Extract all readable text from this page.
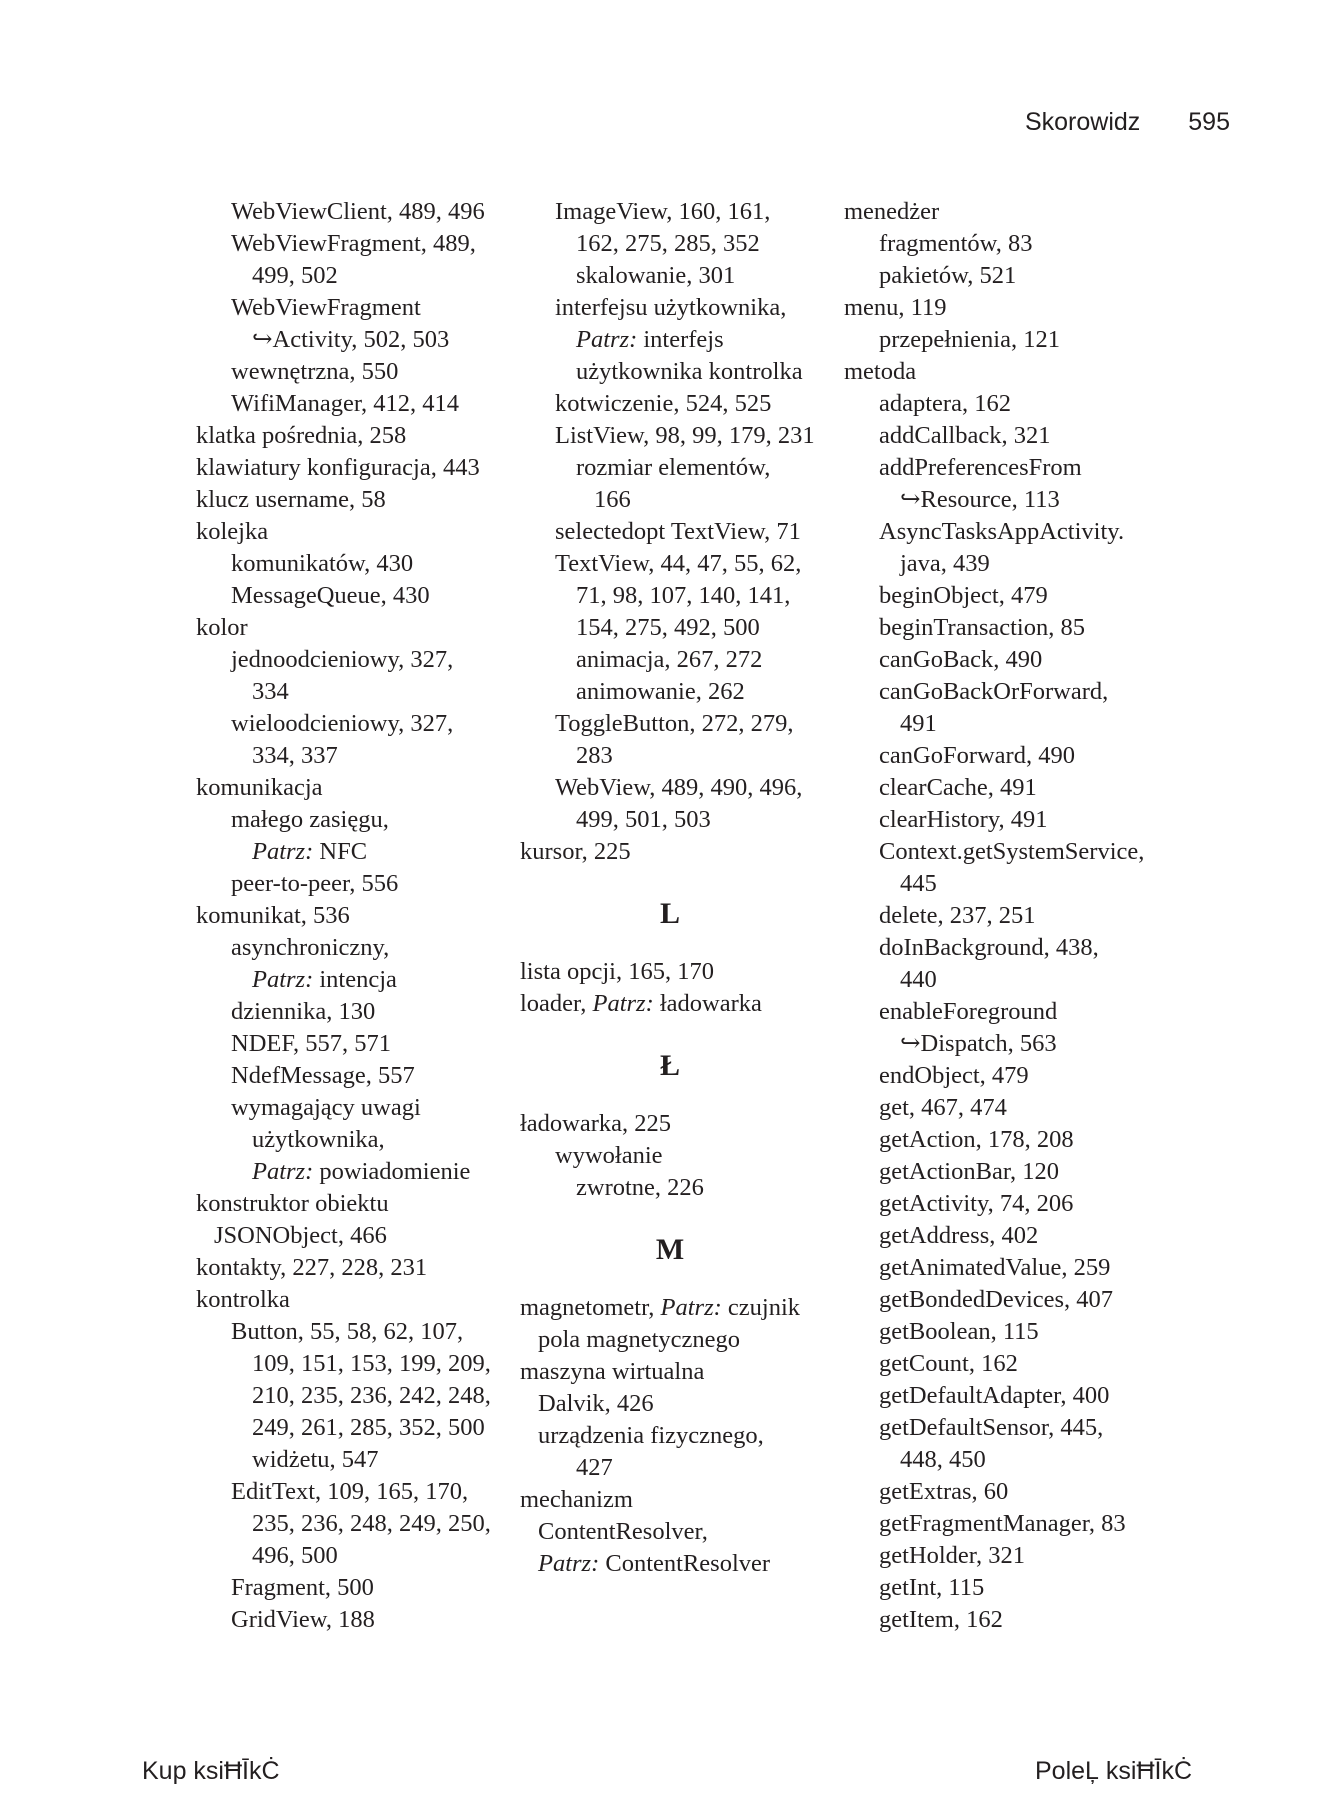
Skorowidz 595
WebViewClient, 489, 496
WebViewFragment, 489,
499, 502
WebViewFragment
↪Activity, 502, 503
wewnętrzna, 550
WifiManager, 412, 414
klatka pośrednia, 258
klawiatury konfiguracja, 443
klucz username, 58
kolejka
komunikatów, 430
MessageQueue, 430
kolor
jednoodcieniowy, 327,
334
wieloodcieniowy, 327,
334, 337
komunikacja
małego zasięgu,
Patrz: NFC
peer-to-peer, 556
komunikat, 536
asynchroniczny,
Patrz: intencja
dziennika, 130
NDEF, 557, 571
NdefMessage, 557
wymagający uwagi
użytkownika,
Patrz: powiadomienie
konstruktor obiektu
JSONObject, 466
kontakty, 227, 228, 231
kontrolka
Button, 55, 58, 62, 107,
109, 151, 153, 199, 209,
210, 235, 236, 242, 248,
249, 261, 285, 352, 500
widżetu, 547
EditText, 109, 165, 170,
235, 236, 248, 249, 250,
496, 500
Fragment, 500
GridView, 188
ImageView, 160, 161,
162, 275, 285, 352
skalowanie, 301
interfejsu użytkownika,
Patrz: interfejs
użytkownika kontrolka
kotwiczenie, 524, 525
ListView, 98, 99, 179, 231
rozmiar elementów,
166
selectedopt TextView, 71
TextView, 44, 47, 55, 62,
71, 98, 107, 140, 141,
154, 275, 492, 500
animacja, 267, 272
animowanie, 262
ToggleButton, 272, 279,
283
WebView, 489, 490, 496,
499, 501, 503
kursor, 225
L
lista opcji, 165, 170
loader, Patrz: ładowarka
Ł
ładowarka, 225
wywołanie
zwrotne, 226
M
magnetometr, Patrz: czujnik
pola magnetycznego
maszyna wirtualna
Dalvik, 426
urządzenia fizycznego,
427
mechanizm
ContentResolver,
Patrz: ContentResolver
menedżer
fragmentów, 83
pakietów, 521
menu, 119
przepełnienia, 121
metoda
adaptera, 162
addCallback, 321
addPreferencesFrom
↪Resource, 113
AsyncTasksAppActivity.
java, 439
beginObject, 479
beginTransaction, 85
canGoBack, 490
canGoBackOrForward,
491
canGoForward, 490
clearCache, 491
clearHistory, 491
Context.getSystemService,
445
delete, 237, 251
doInBackground, 438,
440
enableForeground
↪Dispatch, 563
endObject, 479
get, 467, 474
getAction, 178, 208
getActionBar, 120
getActivity, 74, 206
getAddress, 402
getAnimatedValue, 259
getBondedDevices, 407
getBoolean, 115
getCount, 162
getDefaultAdapter, 400
getDefaultSensor, 445,
448, 450
getExtras, 60
getFragmentManager, 83
getHolder, 321
getInt, 115
getItem, 162
Kup ksiĦĪkĊ	PoleĻ ksiĦĪkĊ
